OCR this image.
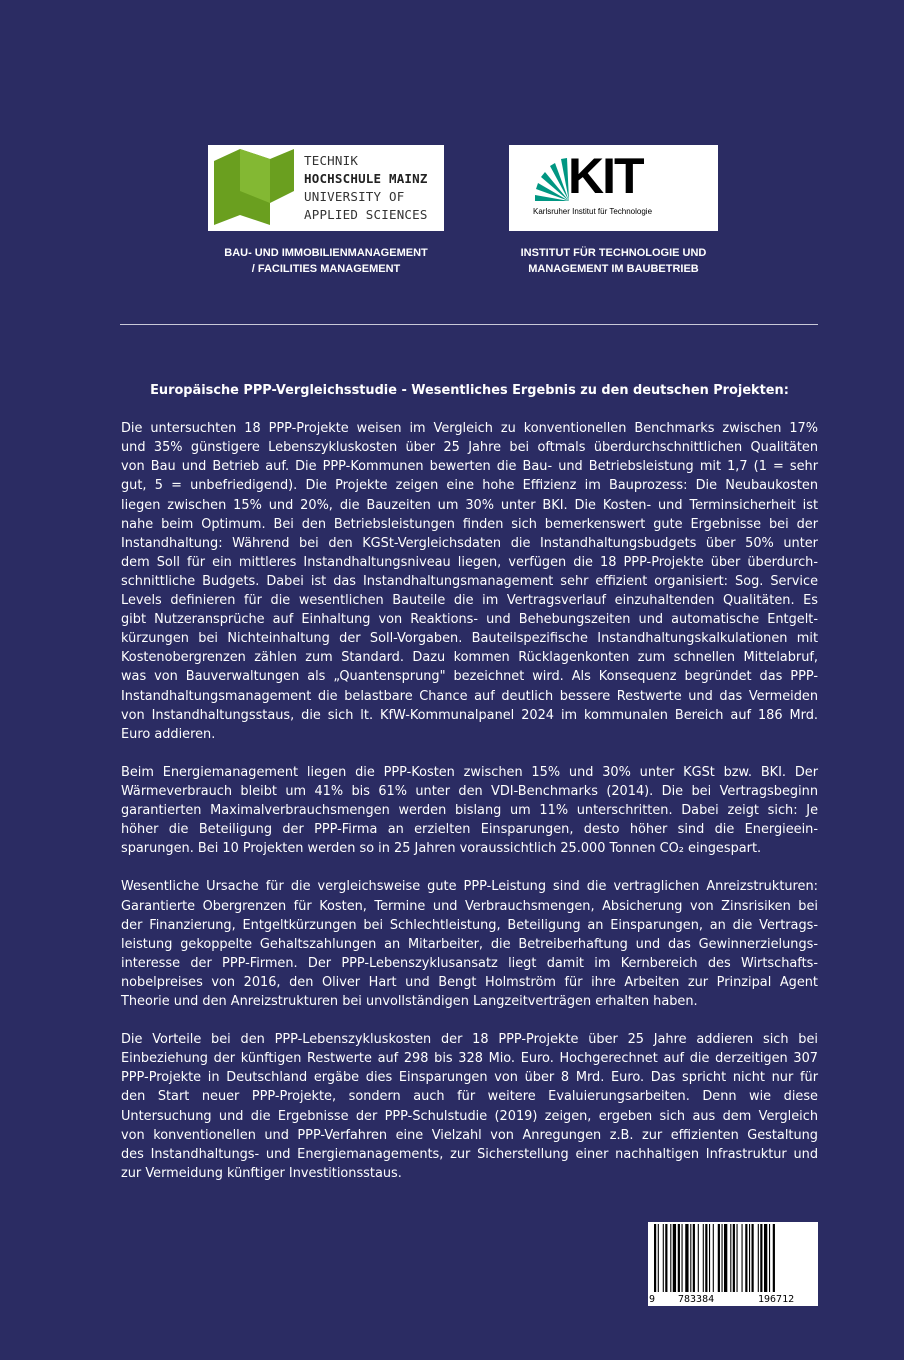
TECHNIK
HOCHSCHULE MAINZ
UNIVERSITY OF
APPLIED SCIENCES
KIT
Karlsruher Institut für Technologie
BAU- UND IMMOBILIENMANAGEMENT
/ FACILITIES MANAGEMENT
INSTITUT FÜR TECHNOLOGIE UND
MANAGEMENT IM BAUBETRIEB
Europäische PPP-Vergleichsstudie - Wesentliches Ergebnis zu den deutschen Projekten:
Die untersuchten 18 PPP-Projekte weisen im Vergleich zu konventionellen Benchmarks zwischen 17%
und 35% günstigere Lebenszykluskosten über 25 Jahre bei oftmals überdurchschnittlichen Qualitäten
von Bau und Betrieb auf. Die PPP-Kommunen bewerten die Bau- und Betriebsleistung mit 1,7 (1 = sehr
gut, 5 = unbefriedigend). Die Projekte zeigen eine hohe Effizienz im Bauprozess: Die Neubaukosten
liegen zwischen 15% und 20%, die Bauzeiten um 30% unter BKI. Die Kosten- und Terminsicherheit ist
nahe beim Optimum. Bei den Betriebsleistungen finden sich bemerkenswert gute Ergebnisse bei der
Instandhaltung: Während bei den KGSt-Vergleichsdaten die Instandhaltungsbudgets über 50% unter
dem Soll für ein mittleres Instandhaltungsniveau liegen, verfügen die 18 PPP-Projekte über überdurch-
schnittliche Budgets. Dabei ist das Instandhaltungsmanagement sehr effizient organisiert: Sog. Service
Levels definieren für die wesentlichen Bauteile die im Vertragsverlauf einzuhaltenden Qualitäten. Es
gibt Nutzeransprüche auf Einhaltung von Reaktions- und Behebungszeiten und automatische Entgelt-
kürzungen bei Nichteinhaltung der Soll-Vorgaben. Bauteilspezifische Instandhaltungskalkulationen mit
Kostenobergrenzen zählen zum Standard. Dazu kommen Rücklagenkonten zum schnellen Mittelabruf,
was von Bauverwaltungen als „Quantensprung" bezeichnet wird. Als Konsequenz begründet das PPP-
Instandhaltungsmanagement die belastbare Chance auf deutlich bessere Restwerte und das Vermeiden
von Instandhaltungsstaus, die sich lt. KfW-Kommunalpanel 2024 im kommunalen Bereich auf 186 Mrd.
Euro addieren.
Beim Energiemanagement liegen die PPP-Kosten zwischen 15% und 30% unter KGSt bzw. BKI. Der
Wärmeverbrauch bleibt um 41% bis 61% unter den VDI-Benchmarks (2014). Die bei Vertragsbeginn
garantierten Maximalverbrauchsmengen werden bislang um 11% unterschritten. Dabei zeigt sich: Je
höher die Beteiligung der PPP-Firma an erzielten Einsparungen, desto höher sind die Energieein-
sparungen. Bei 10 Projekten werden so in 25 Jahren voraussichtlich 25.000 Tonnen CO₂ eingespart.
Wesentliche Ursache für die vergleichsweise gute PPP-Leistung sind die vertraglichen Anreizstrukturen:
Garantierte Obergrenzen für Kosten, Termine und Verbrauchsmengen, Absicherung von Zinsrisiken bei
der Finanzierung, Entgeltkürzungen bei Schlechtleistung, Beteiligung an Einsparungen, an die Vertrags-
leistung gekoppelte Gehaltszahlungen an Mitarbeiter, die Betreiberhaftung und das Gewinnerzielungs-
interesse der PPP-Firmen. Der PPP-Lebenszyklusansatz liegt damit im Kernbereich des Wirtschafts-
nobelpreises von 2016, den Oliver Hart und Bengt Holmström für ihre Arbeiten zur Prinzipal Agent
Theorie und den Anreizstrukturen bei unvollständigen Langzeitverträgen erhalten haben.
Die Vorteile bei den PPP-Lebenszykluskosten der 18 PPP-Projekte über 25 Jahre addieren sich bei
Einbeziehung der künftigen Restwerte auf 298 bis 328 Mio. Euro. Hochgerechnet auf die derzeitigen 307
PPP-Projekte in Deutschland ergäbe dies Einsparungen von über 8 Mrd. Euro. Das spricht nicht nur für
den Start neuer PPP-Projekte, sondern auch für weitere Evaluierungsarbeiten. Denn wie diese
Untersuchung und die Ergebnisse der PPP-Schulstudie (2019) zeigen, ergeben sich aus dem Vergleich
von konventionellen und PPP-Verfahren eine Vielzahl von Anregungen z.B. zur effizienten Gestaltung
des Instandhaltungs- und Energiemanagements, zur Sicherstellung einer nachhaltigen Infrastruktur und
zur Vermeidung künftiger Investitionsstaus.
9 783384	196712
